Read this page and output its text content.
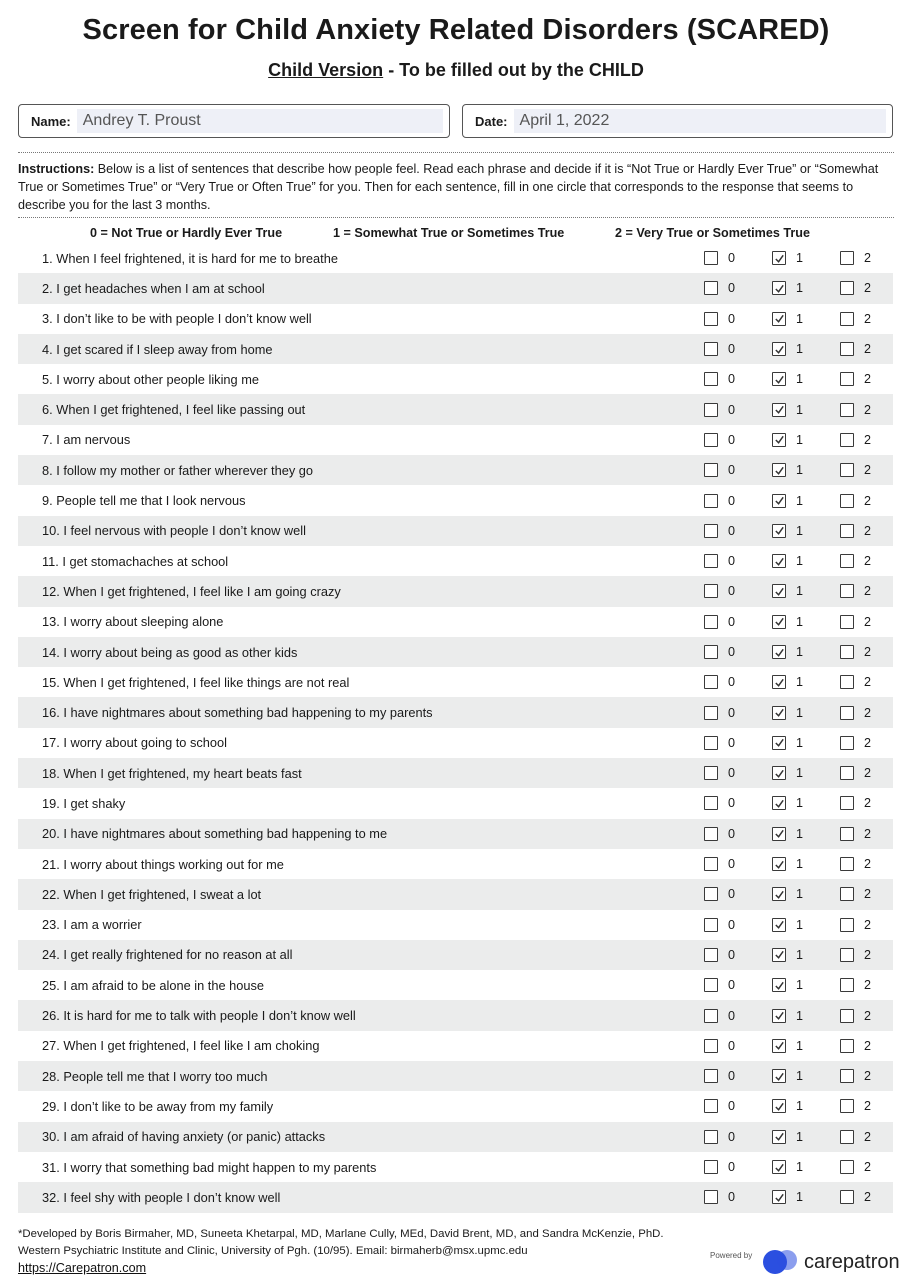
Screen for Child Anxiety Related Disorders (SCARED)
Child Version - To be filled out by the CHILD
Name: Andrey T. Proust	Date: April 1, 2022
Instructions: Below is a list of sentences that describe how people feel. Read each phrase and decide if it is “Not True or Hardly Ever True” or “Somewhat True or Sometimes True” or “Very True or Often True” for you. Then for each sentence, fill in one circle that corresponds to the response that seems to describe you for the last 3 months.
0 = Not True or Hardly Ever True	1 = Somewhat True or Sometimes True	2 = Very True or Sometimes True
1. When I feel frightened, it is hard for me to breathe	0	1	2
2. I get headaches when I am at school	0	1	2
3. I don’t like to be with people I don’t know well	0	1	2
4. I get scared if I sleep away from home	0	1	2
5. I worry about other people liking me	0	1	2
6. When I get frightened, I feel like passing out	0	1	2
7. I am nervous	0	1	2
8. I follow my mother or father wherever they go	0	1	2
9. People tell me that I look nervous	0	1	2
10. I feel nervous with people I don’t know well	0	1	2
11. I get stomachaches at school	0	1	2
12. When I get frightened, I feel like I am going crazy	0	1	2
13. I worry about sleeping alone	0	1	2
14. I worry about being as good as other kids	0	1	2
15. When I get frightened, I feel like things are not real	0	1	2
16. I have nightmares about something bad happening to my parents	0	1	2
17. I worry about going to school	0	1	2
18. When I get frightened, my heart beats fast	0	1	2
19. I get shaky	0	1	2
20. I have nightmares about something bad happening to me	0	1	2
21. I worry about things working out for me	0	1	2
22. When I get frightened, I sweat a lot	0	1	2
23. I am a worrier	0	1	2
24. I get really frightened for no reason at all	0	1	2
25. I am afraid to be alone in the house	0	1	2
26. It is hard for me to talk with people I don’t know well	0	1	2
27. When I get frightened, I feel like I am choking	0	1	2
28. People tell me that I worry too much	0	1	2
29. I don’t like to be away from my family	0	1	2
30. I am afraid of having anxiety (or panic) attacks	0	1	2
31. I worry that something bad might happen to my parents	0	1	2
32. I feel shy with people I don’t know well	0	1	2
*Developed by Boris Birmaher, MD, Suneeta Khetarpal, MD, Marlane Cully, MEd, David Brent, MD, and Sandra McKenzie, PhD. Western Psychiatric Institute and Clinic, University of Pgh. (10/95). Email: birmaherb@msx.upmc.edu
https://Carepatron.com
Powered by	carepatron
